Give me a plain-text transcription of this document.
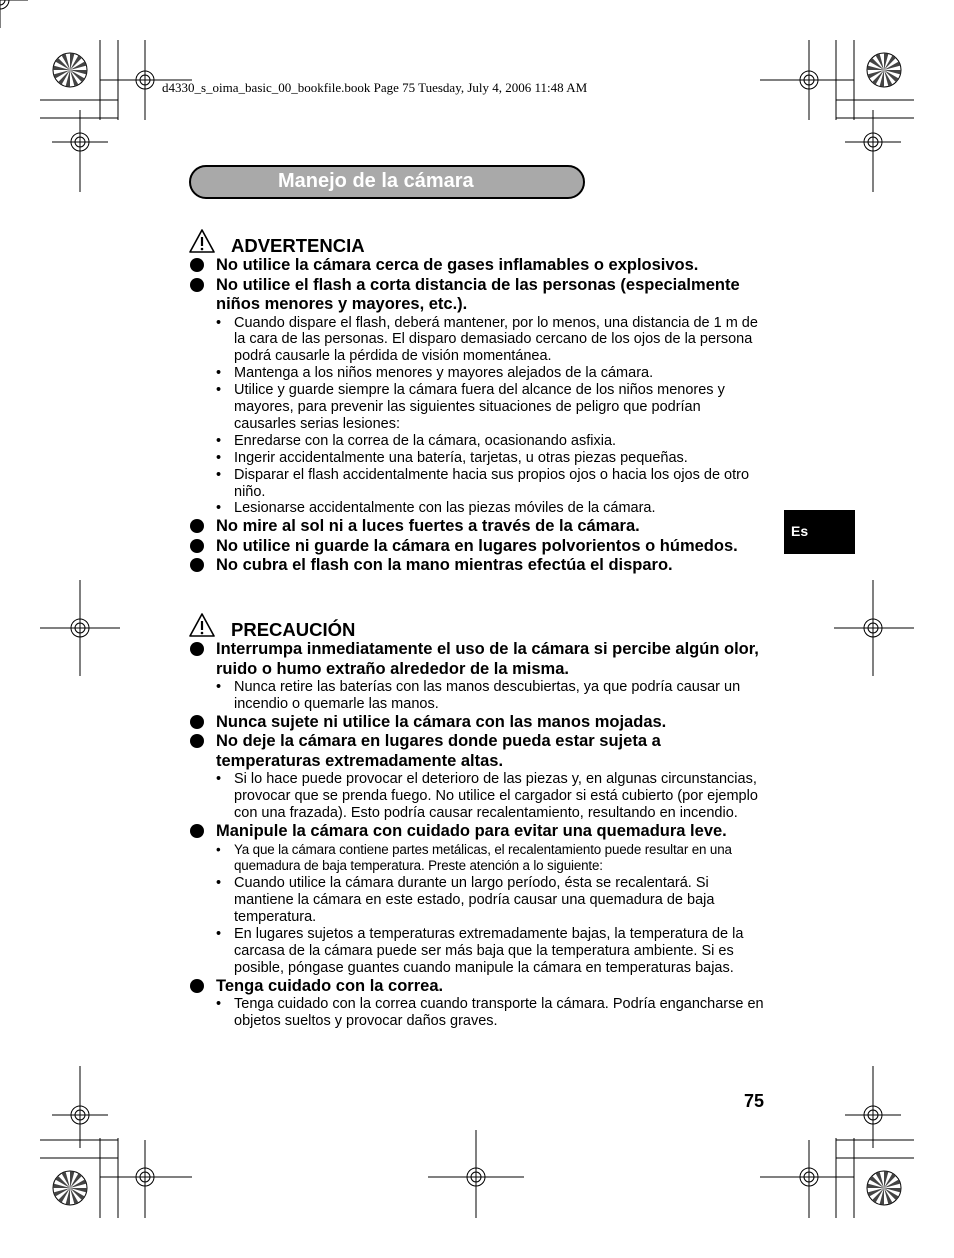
d4330_s_oima_basic_00_bookfile.book Page 75 Tuesday, July 4, 2006 11:48 AM
Manejo de la cámara
ADVERTENCIA
No utilice la cámara cerca de gases inflamables o explosivos.
No utilice el flash a corta distancia de las personas (especialmente niños menores y mayores, etc.).
• Cuando dispare el flash, deberá mantener, por lo menos, una distancia de 1 m de la cara de las personas. El disparo demasiado cercano de los ojos de la persona podrá causarle la pérdida de visión momentánea.
• Mantenga a los niños menores y mayores alejados de la cámara.
• Utilice y guarde siempre la cámara fuera del alcance de los niños menores y mayores, para prevenir las siguientes situaciones de peligro que podrían causarles serias lesiones:
• Enredarse con la correa de la cámara, ocasionando asfixia.
• Ingerir accidentalmente una batería, tarjetas, u otras piezas pequeñas.
• Disparar el flash accidentalmente hacia sus propios ojos o hacia los ojos de otro niño.
• Lesionarse accidentalmente con las piezas móviles de la cámara.
No mire al sol ni a luces fuertes a través de la cámara.
No utilice ni guarde la cámara en lugares polvorientos o húmedos.
No cubra el flash con la mano mientras efectúa el disparo.
PRECAUCIÓN
Interrumpa inmediatamente el uso de la cámara si percibe algún olor, ruido o humo extraño alrededor de la misma.
• Nunca retire las baterías con las manos descubiertas, ya que podría causar un incendio o quemarle las manos.
Nunca sujete ni utilice la cámara con las manos mojadas.
No deje la cámara en lugares donde pueda estar sujeta a temperaturas extremadamente altas.
• Si lo hace puede provocar el deterioro de las piezas y, en algunas circunstancias, provocar que se prenda fuego. No utilice el cargador si está cubierto (por ejemplo con una frazada). Esto podría causar recalentamiento, resultando en incendio.
Manipule la cámara con cuidado para evitar una quemadura leve.
• Ya que la cámara contiene partes metálicas, el recalentamiento puede resultar en una quemadura de baja temperatura. Preste atención a lo siguiente:
• Cuando utilice la cámara durante un largo período, ésta se recalentará. Si mantiene la cámara en este estado, podría causar una quemadura de baja temperatura.
• En lugares sujetos a temperaturas extremadamente bajas, la temperatura de la carcasa de la cámara puede ser más baja que la temperatura ambiente. Si es posible, póngase guantes cuando manipule la cámara en temperaturas bajas.
Tenga cuidado con la correa.
• Tenga cuidado con la correa cuando transporte la cámara. Podría engancharse en objetos sueltos y provocar daños graves.
Es
75
